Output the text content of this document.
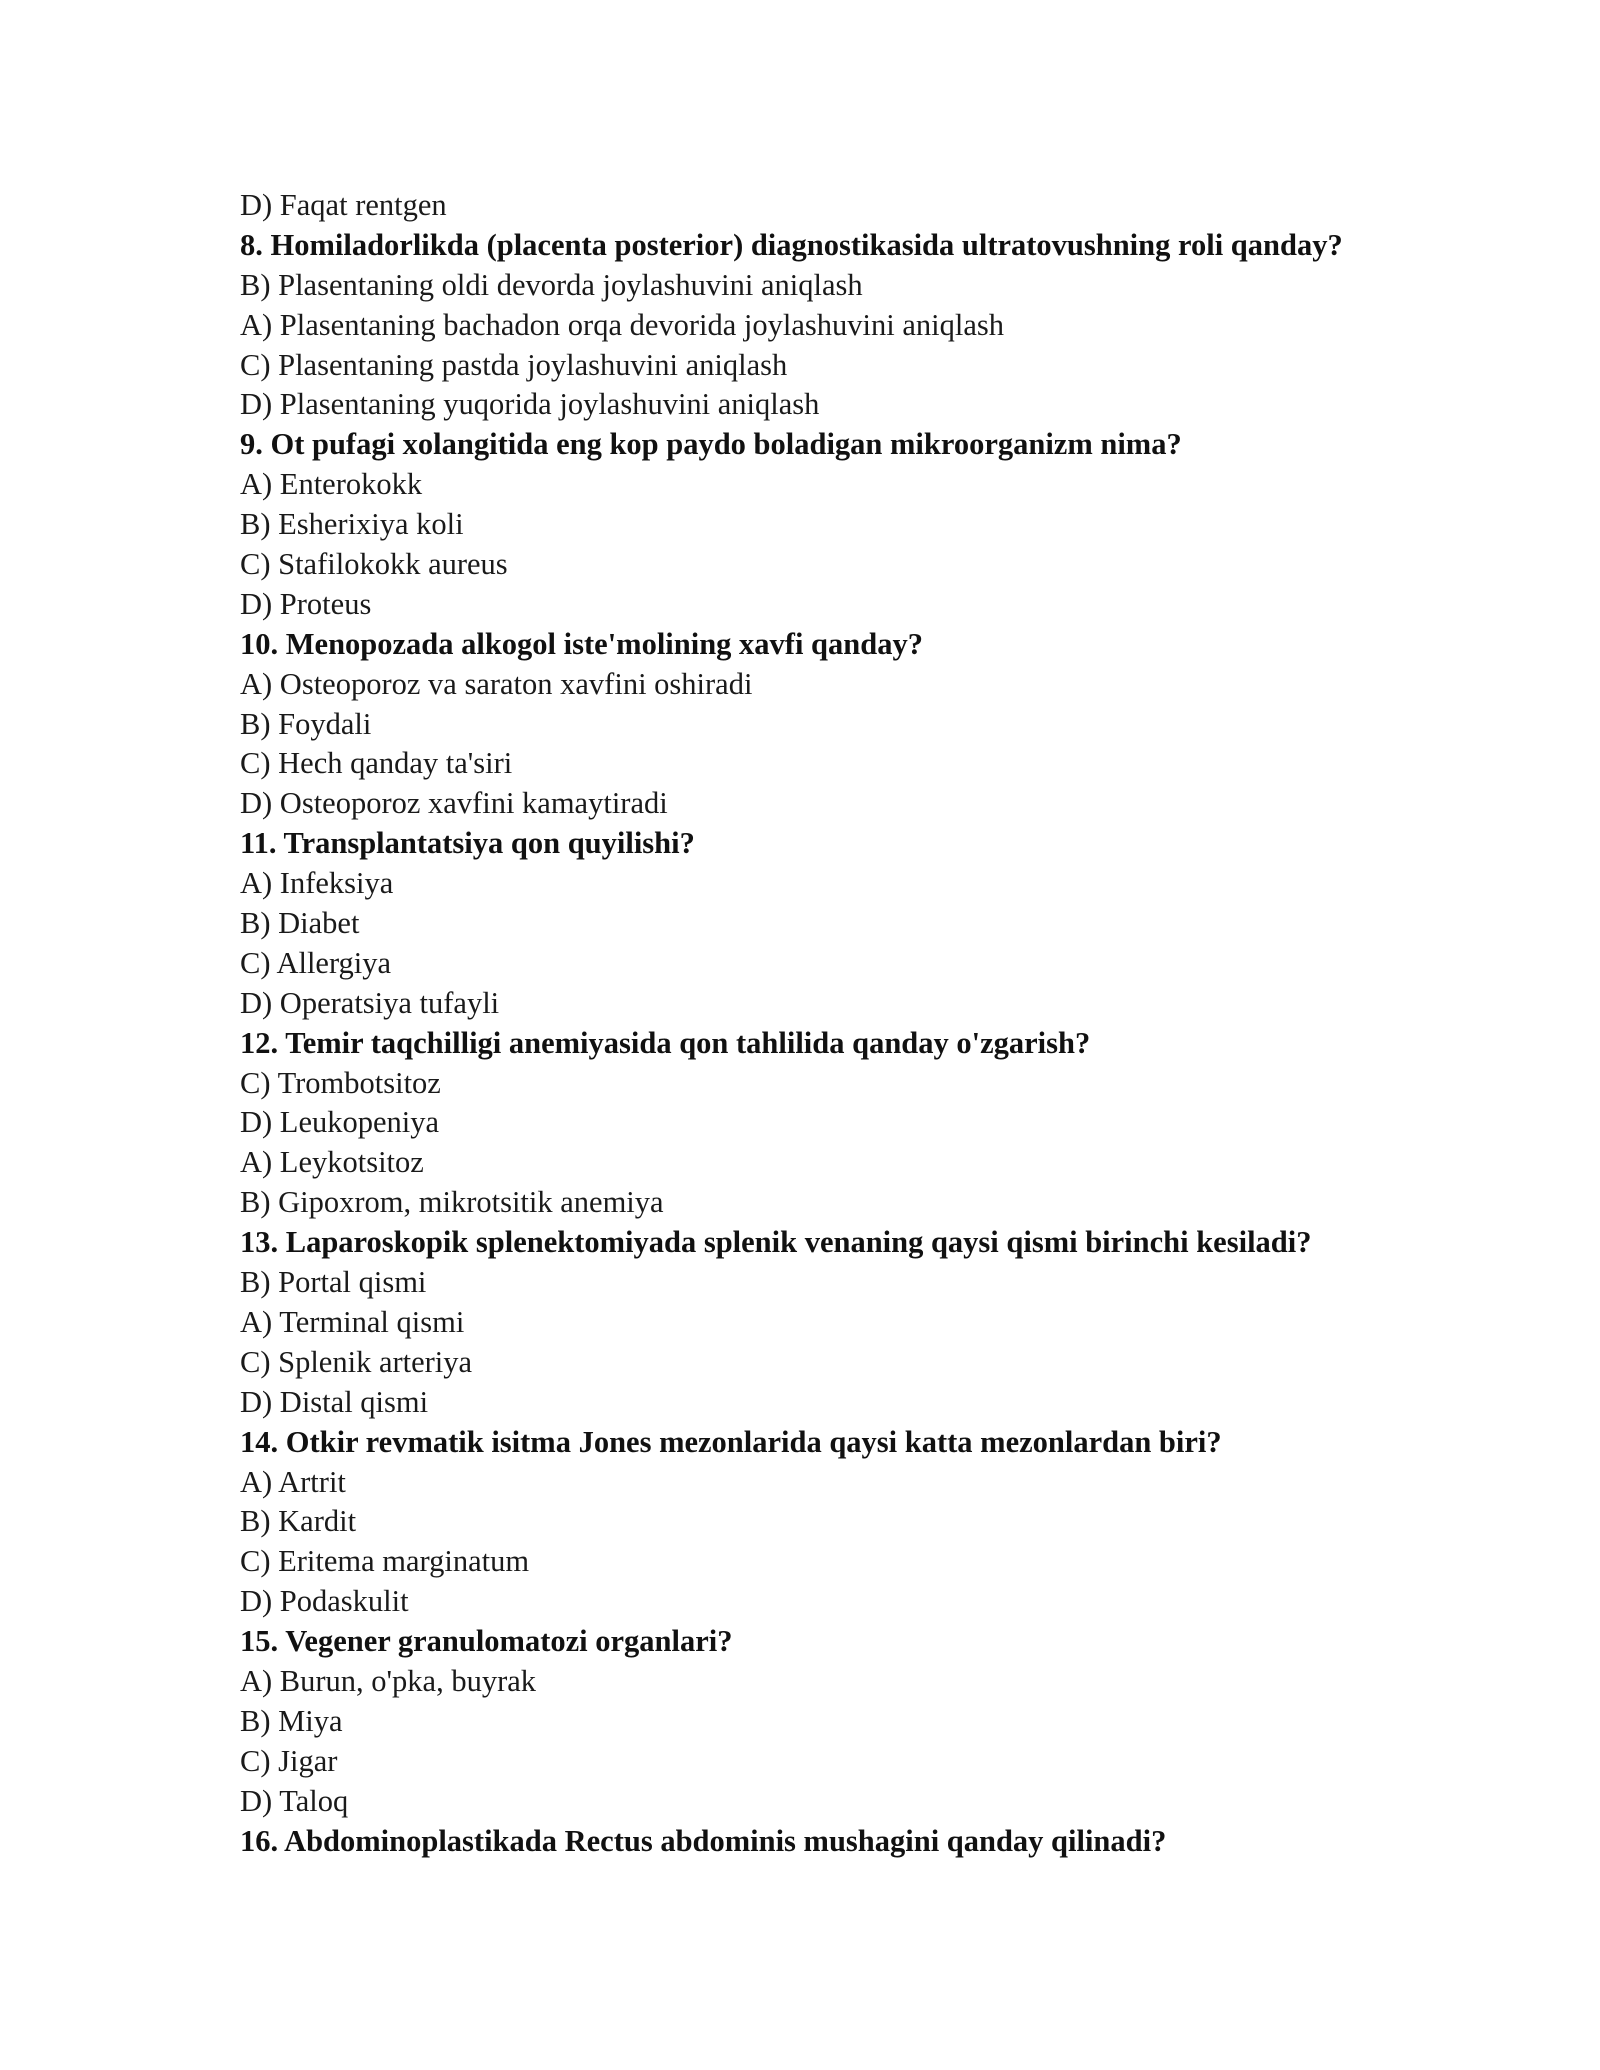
D) Faqat rentgen
8. Homiladorlikda (placenta posterior) diagnostikasida ultratovushning roli qanday?
B) Plasentaning oldi devorda joylashuvini aniqlash
A) Plasentaning bachadon orqa devorida joylashuvini aniqlash
C) Plasentaning pastda joylashuvini aniqlash
D) Plasentaning yuqorida joylashuvini aniqlash
9. Ot pufagi xolangitida eng kop paydo boladigan mikroorganizm nima?
A) Enterokokk
B) Esherixiya koli
C) Stafilokokk aureus
D) Proteus
10. Menopozada alkogol iste'molining xavfi qanday?
A) Osteoporoz va saraton xavfini oshiradi
B) Foydali
C) Hech qanday ta'siri
D) Osteoporoz xavfini kamaytiradi
11. Transplantatsiya qon quyilishi?
A) Infeksiya
B) Diabet
C) Allergiya
D) Operatsiya tufayli
12. Temir taqchilligi anemiyasida qon tahlilida qanday o'zgarish?
C) Trombotsitoz
D) Leukopeniya
A) Leykotsitoz
B) Gipoxrom, mikrotsitik anemiya
13. Laparoskopik splenektomiyada splenik venaning qaysi qismi birinchi kesiladi?
B) Portal qismi
A) Terminal qismi
C) Splenik arteriya
D) Distal qismi
14. Otkir revmatik isitma Jones mezonlarida qaysi katta mezonlardan biri?
A) Artrit
B) Kardit
C) Eritema marginatum
D) Podaskulit
15. Vegener granulomatozi organlari?
A) Burun, o'pka, buyrak
B) Miya
C) Jigar
D) Taloq
16. Abdominoplastikada Rectus abdominis mushagini qanday qilinadi?
